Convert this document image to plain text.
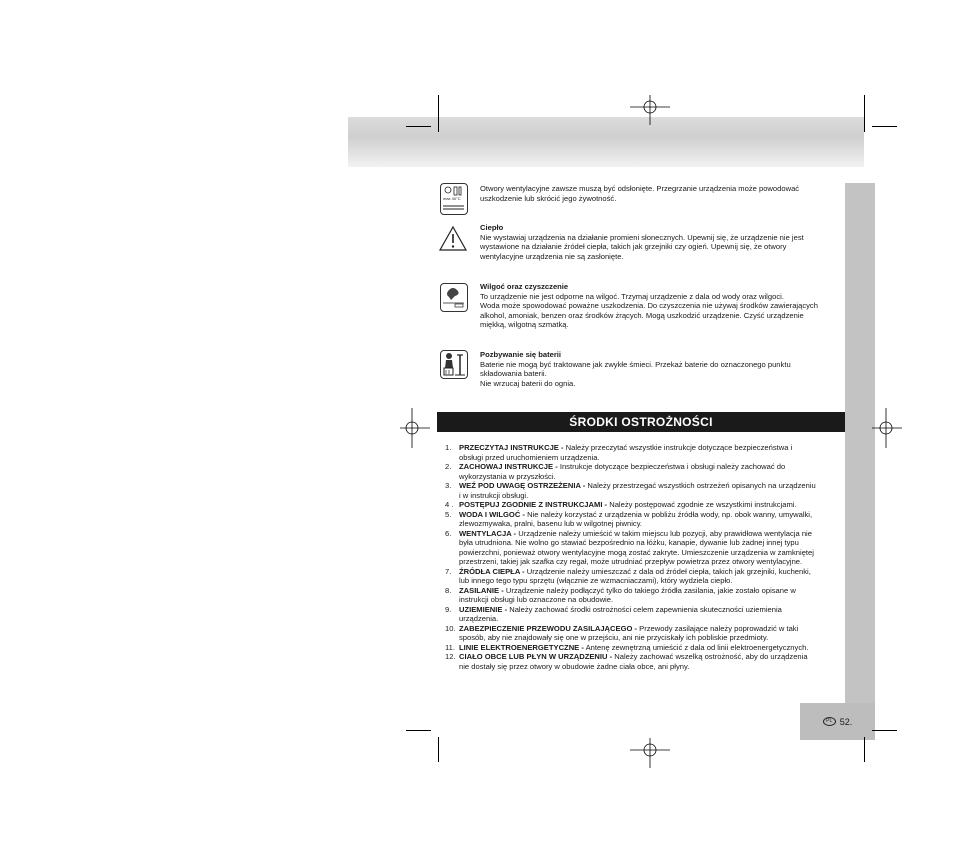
PL 52.
max 40°C
Otwory wentylacyjne zawsze muszą być odsłonięte. Przegrzanie urządzenia może powodować
uszkodzenie lub skrócić jego żywotność.
Ciepło
Nie wystawiaj urządzenia na działanie promieni słonecznych. Upewnij się, że urządzenie nie jest
wystawione na działanie źródeł ciepła, takich jak grzejniki czy ogień. Upewnij się, że otwory
wentylacyjne urządzenia nie są zasłonięte.
Wilgoć oraz czyszczenie
To urządzenie nie jest odporne na wilgoć. Trzymaj urządzenie z dala od wody oraz wilgoci.
Woda może spowodować poważne uszkodzenia. Do czyszczenia nie używaj środków zawierających
alkohol, amoniak, benzen oraz środków żrących. Mogą uszkodzić urządzenie. Czyść urządzenie
miękką, wilgotną szmatką.
Pozbywanie się baterii
Baterie nie mogą być traktowane jak zwykłe śmieci. Przekaż baterie do oznaczonego punktu
składowania baterii.
Nie wrzucaj baterii do ognia.
ŚRODKI OSTROŻNOŚCI
1.	PRZECZYTAJ INSTRUKCJE - Należy przeczytać wszystkie instrukcje dotyczące bezpieczeństwa i
obsługi przed uruchomieniem urządzenia.
2.	ZACHOWAJ INSTRUKCJE - Instrukcje dotyczące bezpieczeństwa i obsługi należy zachować do
wykorzystania w przyszłości.
3.	WEŹ POD UWAGĘ OSTRZEŻENIA - Należy przestrzegać wszystkich ostrzeżeń opisanych na urządzeniu
i w instrukcji obsługi.
4 . POSTĘPUJ ZGODNIE Z INSTRUKCJAMI - Należy postępować zgodnie ze wszystkimi instrukcjami.
5.	WODA I WILGOĆ - Nie należy korzystać z urządzenia w pobliżu źródła wody, np. obok wanny, umywalki,
zlewozmywaka, pralni, basenu lub w wilgotnej piwnicy.
6.	WENTYLACJA - Urządzenie należy umieścić w takim miejscu lub pozycji, aby prawidłowa wentylacja nie
była utrudniona. Nie wolno go stawiać bezpośrednio na łóżku, kanapie, dywanie lub żadnej innej typu
powierzchni, ponieważ otwory wentylacyjne mogą zostać zakryte. Umieszczenie urządzenia w zamkniętej
przestrzeni, takiej jak szafka czy regał, może utrudniać przepływ powietrza przez otwory wentylacyjne.
7.	ŹRÓDŁA CIEPŁA - Urządzenie należy umieszczać z dala od źródeł ciepła, takich jak grzejniki, kuchenki,
lub innego tego typu sprzętu (włącznie ze wzmacniaczami), który wydziela ciepło.
8.	ZASILANIE - Urządzenie należy podłączyć tylko do takiego źródła zasilania, jakie zostało opisane w
instrukcji obsługi lub oznaczone na obudowie.
9.	UZIEMIENIE - Należy zachować środki ostrożności celem zapewnienia skuteczności uziemienia
urządzenia.
10. ZABEZPIECZENIE PRZEWODU ZASILAJĄCEGO - Przewody zasilające należy poprowadzić w taki
sposób, aby nie znajdowały się one w przejściu, ani nie przyciskały ich pobliskie przedmioty.
11. LINIE ELEKTROENERGETYCZNE - Antenę zewnętrzną umieścić z dala od linii elektroenergetycznych.
12. CIAŁO OBCE LUB PŁYN W URZĄDZENIU - Należy zachować wszelką ostrożność, aby do urządzenia
nie dostały się przez otwory w obudowie żadne ciała obce, ani płyny.
